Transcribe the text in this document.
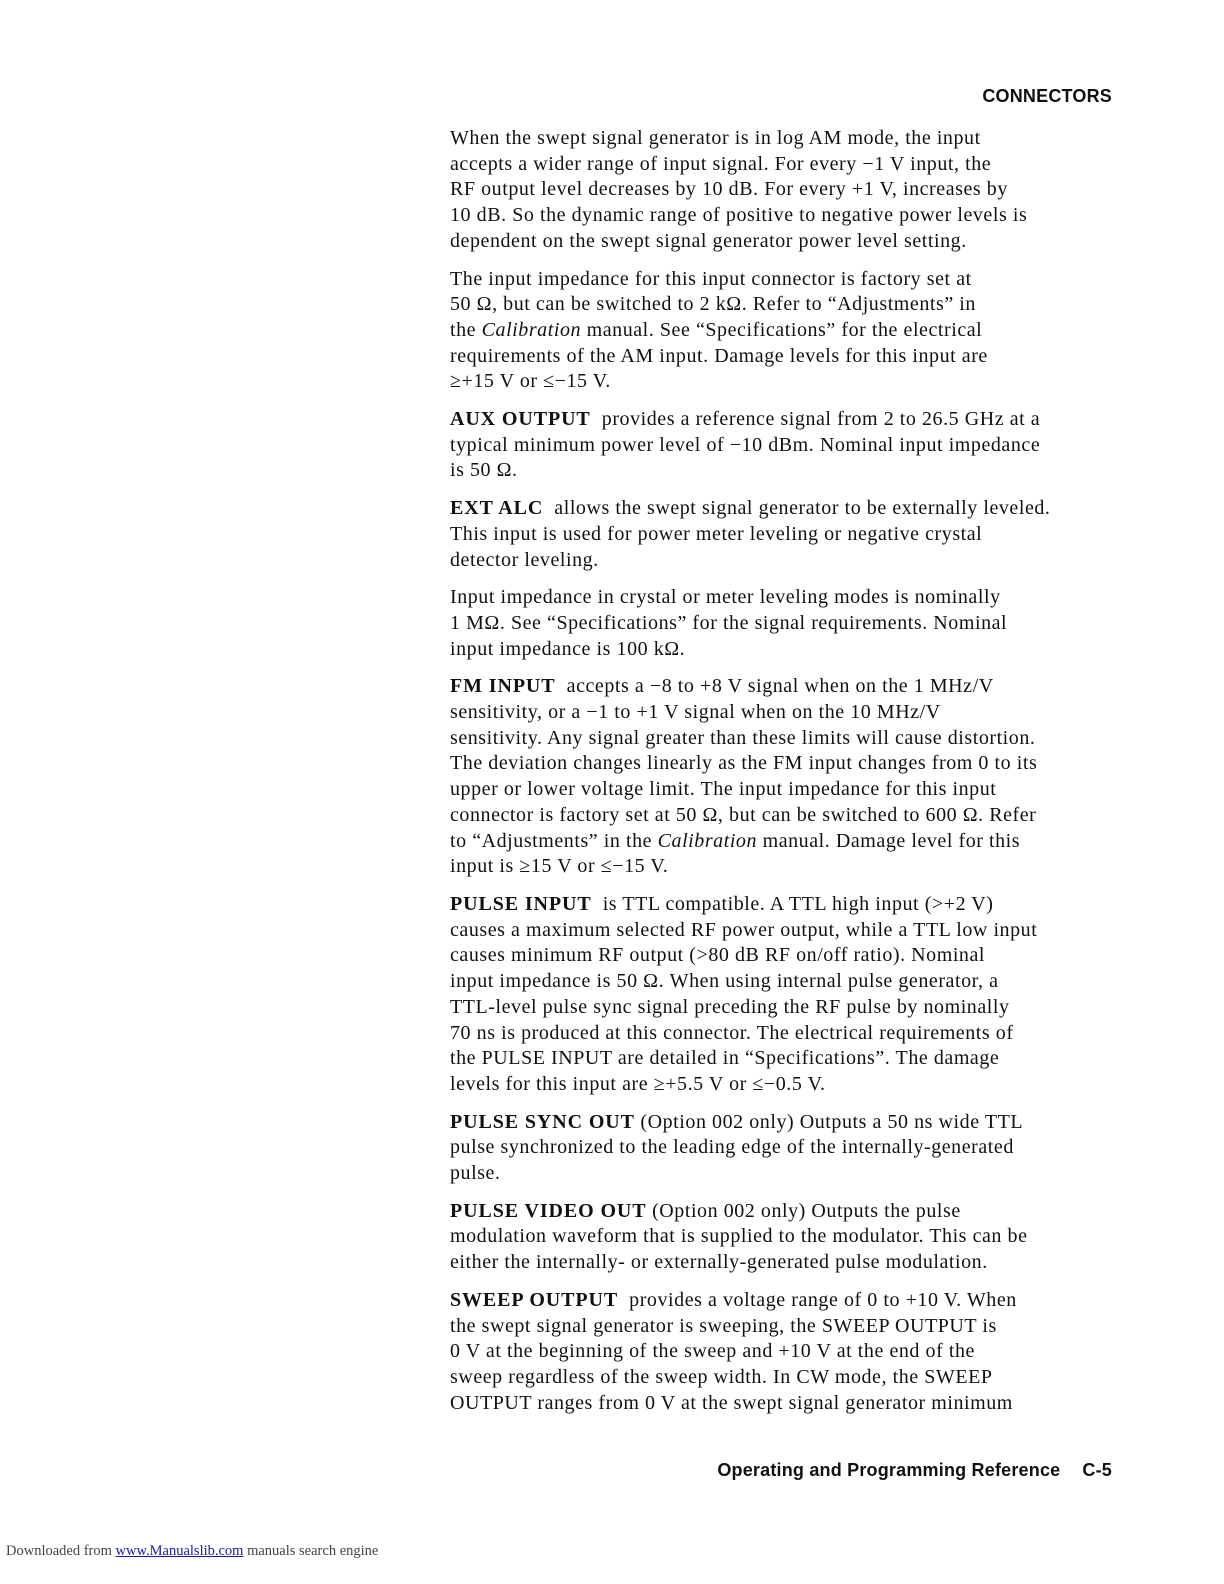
CONNECTORS
When the swept signal generator is in log AM mode, the input
accepts a wider range of input signal. For every −1 V input, the
RF output level decreases by 10 dB. For every +1 V, increases by
10 dB. So the dynamic range of positive to negative power levels is
dependent on the swept signal generator power level setting.
The input impedance for this input connector is factory set at
50 Ω, but can be switched to 2 kΩ. Refer to “Adjustments” in
the Calibration manual. See “Specifications” for the electrical
requirements of the AM input. Damage levels for this input are
≥+15 V or ≤−15 V.
AUX OUTPUT provides a reference signal from 2 to 26.5 GHz at a
typical minimum power level of −10 dBm. Nominal input impedance
is 50 Ω.
EXT ALC allows the swept signal generator to be externally leveled.
This input is used for power meter leveling or negative crystal
detector leveling.
Input impedance in crystal or meter leveling modes is nominally
1 MΩ. See “Specifications” for the signal requirements. Nominal
input impedance is 100 kΩ.
FM INPUT accepts a −8 to +8 V signal when on the 1 MHz/V
sensitivity, or a −1 to +1 V signal when on the 10 MHz/V
sensitivity. Any signal greater than these limits will cause distortion.
The deviation changes linearly as the FM input changes from 0 to its
upper or lower voltage limit. The input impedance for this input
connector is factory set at 50 Ω, but can be switched to 600 Ω. Refer
to “Adjustments” in the Calibration manual. Damage level for this
input is ≥15 V or ≤−15 V.
PULSE INPUT is TTL compatible. A TTL high input (>+2 V)
causes a maximum selected RF power output, while a TTL low input
causes minimum RF output (>80 dB RF on/off ratio). Nominal
input impedance is 50 Ω. When using internal pulse generator, a
TTL-level pulse sync signal preceding the RF pulse by nominally
70 ns is produced at this connector. The electrical requirements of
the PULSE INPUT are detailed in “Specifications”. The damage
levels for this input are ≥+5.5 V or ≤−0.5 V.
PULSE SYNC OUT (Option 002 only) Outputs a 50 ns wide TTL
pulse synchronized to the leading edge of the internally-generated
pulse.
PULSE VIDEO OUT (Option 002 only) Outputs the pulse
modulation waveform that is supplied to the modulator. This can be
either the internally- or externally-generated pulse modulation.
SWEEP OUTPUT provides a voltage range of 0 to +10 V. When
the swept signal generator is sweeping, the SWEEP OUTPUT is
0 V at the beginning of the sweep and +10 V at the end of the
sweep regardless of the sweep width. In CW mode, the SWEEP
OUTPUT ranges from 0 V at the swept signal generator minimum
Operating and Programming Reference C-5
Downloaded from www.Manualslib.com manuals search engine
